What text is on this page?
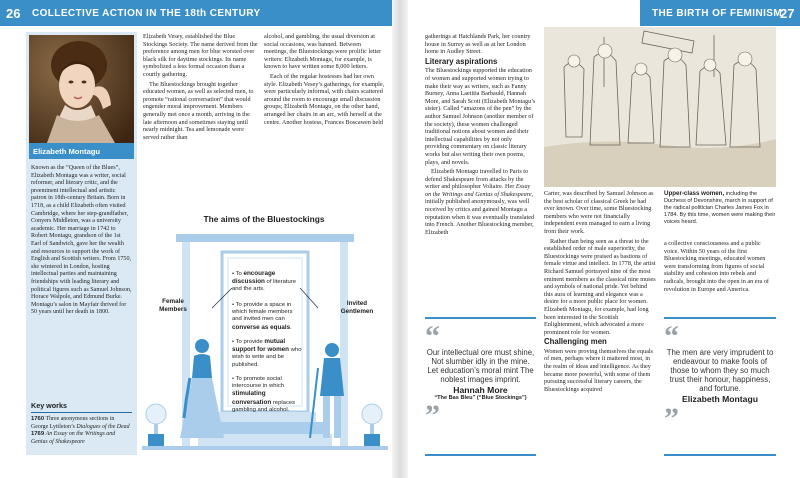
26 COLLECTIVE ACTION IN THE 18th CENTURY
Elizabeth Montagu
Known as the “Queen of the Blues”, Elizabeth Montagu was a writer, social reformer, and literary critic, and the preeminent intellectual and artistic patron in 18th-century Britain. Born in 1718, as a child Elizabeth often visited Cambridge, where her step-grandfather, Conyers Middleton, was a university academic. Her marriage in 1742 to Robert Montagu, grandson of the 1st Earl of Sandwich, gave her the wealth and resources to support the work of English and Scottish writers. From 1750, she wintered in London, hosting intellectual parties and maintaining friendships with leading literary and political figures such as Samuel Johnson, Horace Walpole, and Edmund Burke. Montagu’s salon in Mayfair thrived for 50 years until her death in 1800.
Key works
1760 Three anonymous sections in George Lyttleton’s Dialogues of the Dead
1769 An Essay on the Writings and Genius of Shakespeare

Elizabeth Vesey, established the Blue Stockings Society. The name derived from the preference among men for blue worsted over black silk for daytime stockings. Its name symbolized a less formal occasion than a courtly gathering.

The Bluestockings brought together educated women, as well as selected men, to promote “rational conversation” that would engender moral improvement. Members generally met once a month, arriving in the late afternoon and sometimes staying until nearly midnight. Tea and lemonade were served rather than

alcohol, and gambling, the usual diversion at social occasions, was banned. Between meetings, the Bluestockings were prolific letter writers: Elizabeth Montagu, for example, is known to have written some 8,000 letters.

Each of the regular hostesses had her own style. Elizabeth Vesey’s gatherings, for example, were particularly informal, with chairs scattered around the room to encourage small discussion groups; Elizabeth Montagu, on the other hand, arranged her chairs in an arc, with herself at the centre. Another hostess, Frances Boscawen held

The aims of the Bluestockings
Female Members
Invited Gentlemen
• To encourage discussion of literature and the arts.
• To provide a space in which female members and invited men can converse as equals.
• To provide mutual support for women who wish to write and be published.
• To promote social intercourse in which stimulating conversation replaces gambling and alcohol.
THE BIRTH OF FEMINISM
27

gatherings at Hatchlands Park, her country house in Surrey as well as at her London home in Audley Street.

Literary aspirations

The Bluestockings supported the education of women and supported women trying to make their way as writers, such as Fanny Burney, Anna Laetitia Barbauld, Hannah More, and Sarah Scott (Elizabeth Montagu’s sister). Called “amazons of the pen” by the author Samuel Johnson (another member of the society), these women challenged traditional notions about women and their intellectual capabilities by not only providing commentary on classic literary works but also writing their own poems, plays, and novels.

Elizabeth Montagu travelled to Paris to defend Shakespeare from attacks by the writer and philosopher Voltaire. Her Essay on the Writings and Genius of Shakespeare, initially published anonymously, was well received by critics and gained Montagu a reputation when it was eventually translated into French. Another Bluestocking member, Elizabeth

“
Our intellectual ore must shine, Not slumber idly in the mine. Let education’s moral mint The noblest images imprint.
Hannah More
“The Bas Bleu” (“Blue Stockings”)
”
Upper-class women, including the Duchess of Devonshire, march in support of the radical politician Charles James Fox in 1784. By this time, women were making their voices heard.

Carter, was described by Samuel Johnson as the best scholar of classical Greek he had ever known. Over time, some Bluestocking members who were not financially independent even managed to earn a living from their work.

Rather than being seen as a threat to the established order of male superiority, the Bluestockings were praised as bastions of female virtue and intellect. In 1778, the artist Richard Samuel portrayed nine of the most eminent members as the classical nine muses and symbols of national pride. Yet behind this aura of learning and elegance was a desire for a more public place for women. Elizabeth Montagu, for example, had long been interested in the Scottish Enlightenment, which advocated a more prominent role for women.

Challenging men

Women were proving themselves the equals of men, perhaps where it mattered most, in the realm of ideas and intelligence. As they became more powerful, with some of them pursuing successful literary careers, the Bluestockings acquired

a collective consciousness and a public voice. Within 50 years of the first Bluestocking meetings, educated women were transforming from figures of social stability and cohesion into rebels and radicals, brought into the open in an era of revolution in Europe and America.

“
The men are very imprudent to endeavour to make fools of those to whom they so much trust their honour, happiness, and fortune.
Elizabeth Montagu
”
